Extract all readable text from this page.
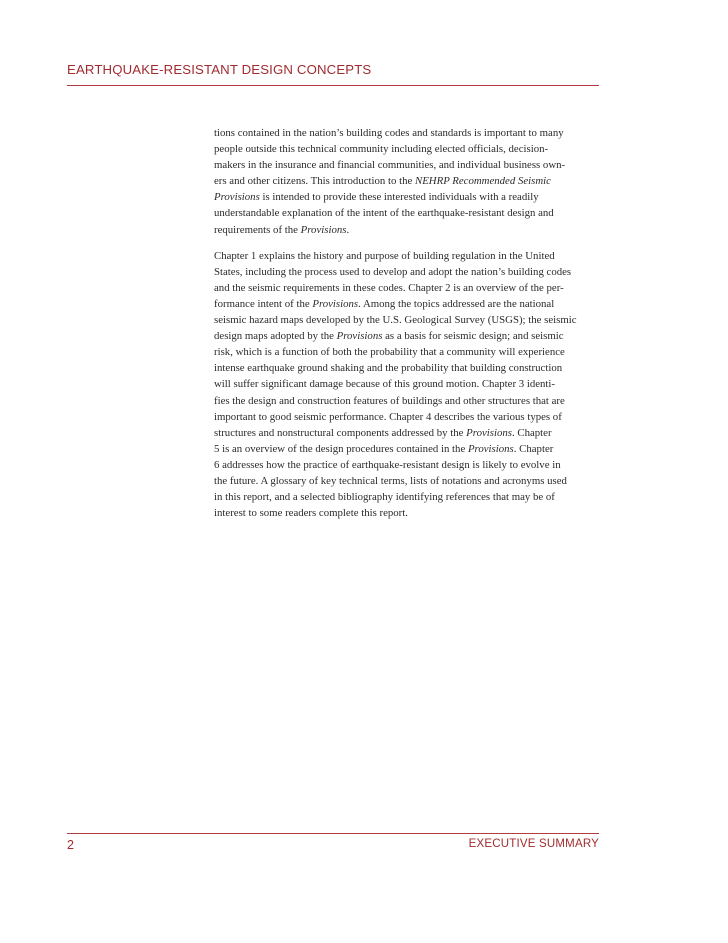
EARTHQUAKE-RESISTANT DESIGN CONCEPTS

tions contained in the nation’s building codes and standards is important to many
people outside this technical community including elected officials, decision-
makers in the insurance and financial communities, and individual business own-
ers and other citizens. This introduction to the NEHRP Recommended Seismic
Provisions is intended to provide these interested individuals with a readily
understandable explanation of the intent of the earthquake-resistant design and
requirements of the Provisions.

Chapter 1 explains the history and purpose of building regulation in the United
States, including the process used to develop and adopt the nation’s building codes
and the seismic requirements in these codes. Chapter 2 is an overview of the per-
formance intent of the Provisions. Among the topics addressed are the national
seismic hazard maps developed by the U.S. Geological Survey (USGS); the seismic
design maps adopted by the Provisions as a basis for seismic design; and seismic
risk, which is a function of both the probability that a community will experience
intense earthquake ground shaking and the probability that building construction
will suffer significant damage because of this ground motion. Chapter 3 identi-
fies the design and construction features of buildings and other structures that are
important to good seismic performance. Chapter 4 describes the various types of
structures and nonstructural components addressed by the Provisions. Chapter
5 is an overview of the design procedures contained in the Provisions. Chapter
6 addresses how the practice of earthquake-resistant design is likely to evolve in
the future. A glossary of key technical terms, lists of notations and acronyms used
in this report, and a selected bibliography identifying references that may be of
interest to some readers complete this report.

2	EXECUTIVE SUMMARY
